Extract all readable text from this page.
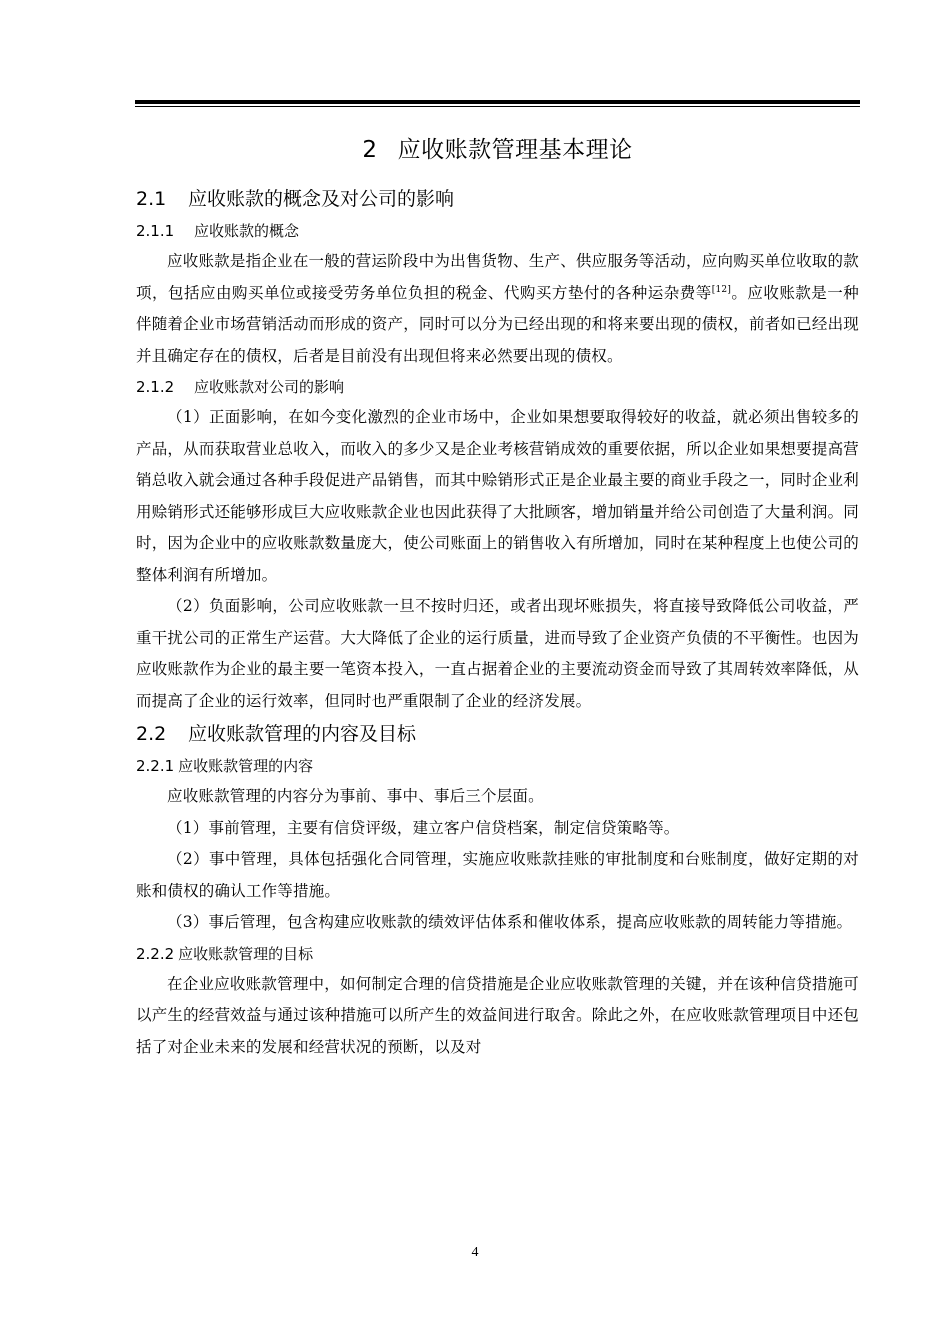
2 应收账款管理基本理论
2.1 应收账款的概念及对公司的影响
2.1.1 应收账款的概念
应收账款是指企业在一般的营运阶段中为出售货物、生产、供应服务等活动，应向购买单位收取的款项，包括应由购买单位或接受劳务单位负担的税金、代购买方垫付的各种运杂费等[12]。应收账款是一种伴随着企业市场营销活动而形成的资产，同时可以分为已经出现的和将来要出现的债权，前者如已经出现并且确定存在的债权，后者是目前没有出现但将来必然要出现的债权。
2.1.2 应收账款对公司的影响
（1）正面影响，在如今变化激烈的企业市场中，企业如果想要取得较好的收益，就必须出售较多的产品，从而获取营业总收入，而收入的多少又是企业考核营销成效的重要依据，所以企业如果想要提高营销总收入就会通过各种手段促进产品销售，而其中赊销形式正是企业最主要的商业手段之一，同时企业利用赊销形式还能够形成巨大应收账款企业也因此获得了大批顾客，增加销量并给公司创造了大量利润。同时，因为企业中的应收账款数量庞大，使公司账面上的销售收入有所增加，同时在某种程度上也使公司的整体利润有所增加。
（2）负面影响，公司应收账款一旦不按时归还，或者出现坏账损失，将直接导致降低公司收益，严重干扰公司的正常生产运营。大大降低了企业的运行质量，进而导致了企业资产负债的不平衡性。也因为应收账款作为企业的最主要一笔资本投入，一直占据着企业的主要流动资金而导致了其周转效率降低，从而提高了企业的运行效率，但同时也严重限制了企业的经济发展。
2.2 应收账款管理的内容及目标
2.2.1 应收账款管理的内容
应收账款管理的内容分为事前、事中、事后三个层面。
（1）事前管理，主要有信贷评级，建立客户信贷档案，制定信贷策略等。
（2）事中管理，具体包括强化合同管理，实施应收账款挂账的审批制度和台账制度，做好定期的对账和债权的确认工作等措施。
（3）事后管理，包含构建应收账款的绩效评估体系和催收体系，提高应收账款的周转能力等措施。
2.2.2 应收账款管理的目标
在企业应收账款管理中，如何制定合理的信贷措施是企业应收账款管理的关键，并在该种信贷措施可以产生的经营效益与通过该种措施可以所产生的效益间进行取舍。除此之外，在应收账款管理项目中还包括了对企业未来的发展和经营状况的预断，以及对
4
